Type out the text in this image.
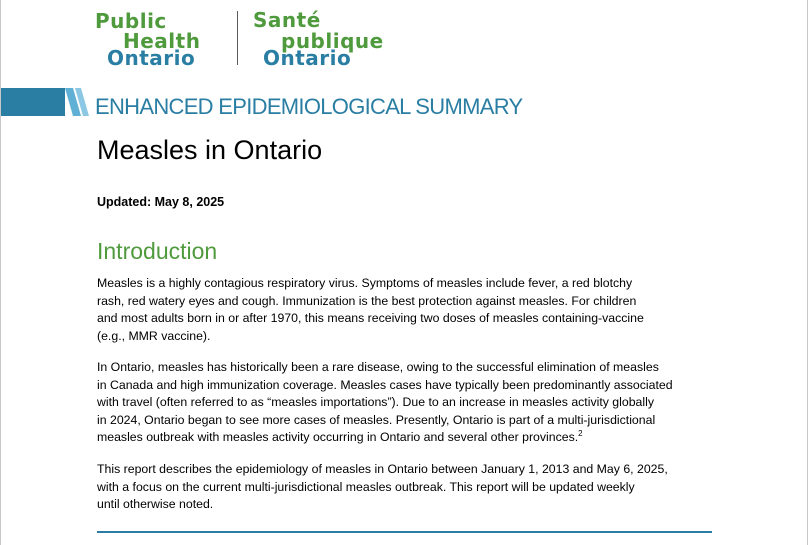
Public
Health
Ontario
Santé
publique
Ontario
ENHANCED EPIDEMIOLOGICAL SUMMARY
Measles in Ontario
Updated: May 8, 2025
Introduction
Measles is a highly contagious respiratory virus. Symptoms of measles include fever, a red blotchy
rash, red watery eyes and cough. Immunization is the best protection against measles. For children
and most adults born in or after 1970, this means receiving two doses of measles containing-vaccine
(e.g., MMR vaccine).
In Ontario, measles has historically been a rare disease, owing to the successful elimination of measles
in Canada and high immunization coverage. Measles cases have typically been predominantly associated
with travel (often referred to as “measles importations”). Due to an increase in measles activity globally
in 2024, Ontario began to see more cases of measles. Presently, Ontario is part of a multi-jurisdictional
measles outbreak with measles activity occurring in Ontario and several other provinces.$^2$
This report describes the epidemiology of measles in Ontario between January 1, 2013 and May 6, 2025,
with a focus on the current multi-jurisdictional measles outbreak. This report will be updated weekly
until otherwise noted.
